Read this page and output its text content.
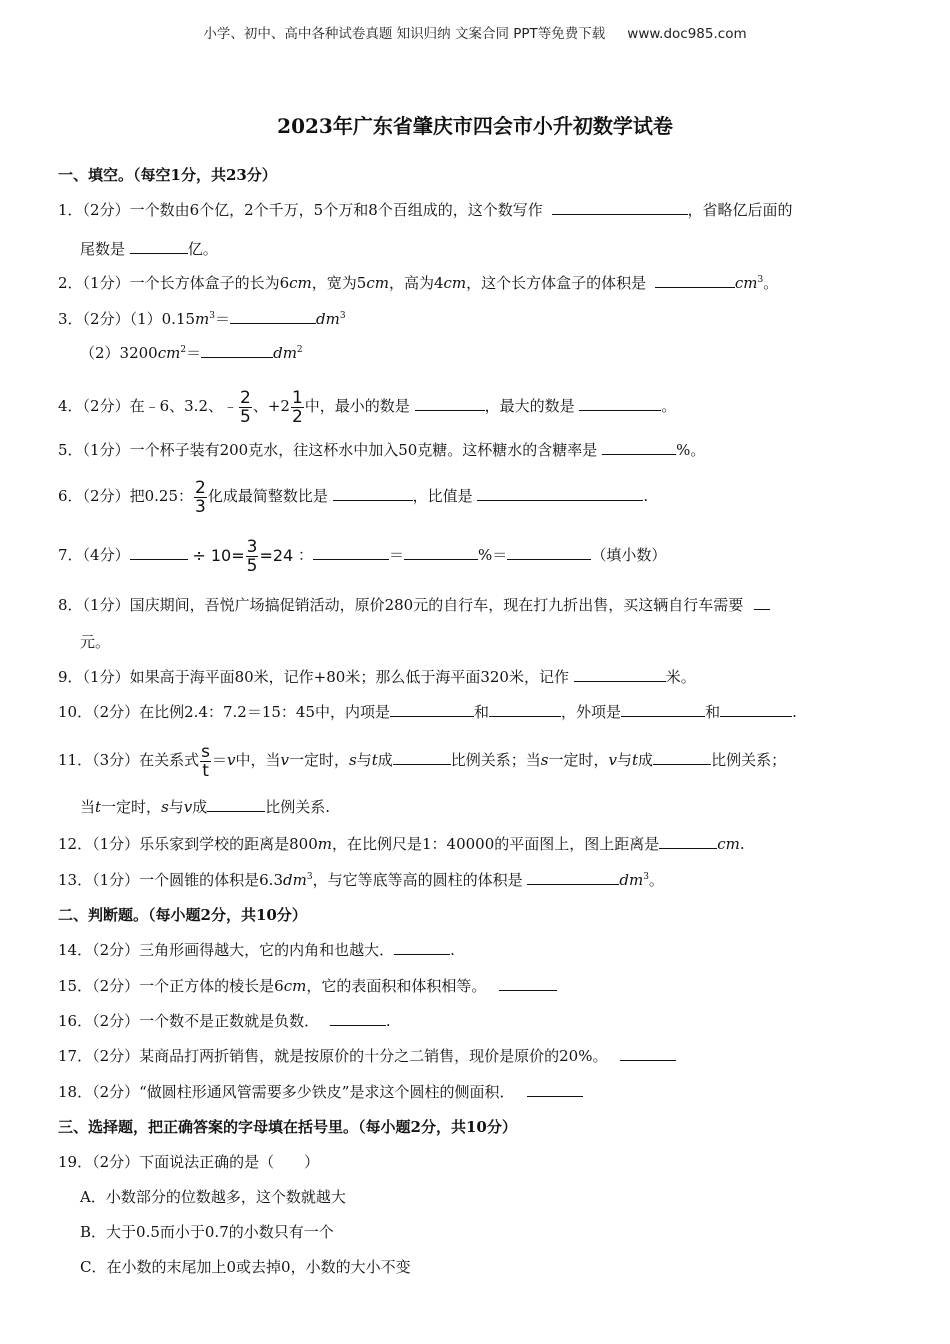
小学、初中、高中各种试卷真题 知识归纳 文案合同 PPT等免费下载 www.doc985.com
2023年广东省肇庆市四会市小升初数学试卷
一、填空。（每空1分，共23分）
1．（2分）一个数由6个亿，2个千万，5个万和8个百组成的，这个数写作	，省略亿后面的
尾数是	亿。
2．（1分）一个长方体盒子的长为6cm，宽为5cm，高为4cm，这个长方体盒子的体积是	$cm^3$。
3．（2分）$(1)0.15m^3=$	$dm^3$
$(2)3200cm^2=$	$dm^2$
4．（2分）在﹣6、3.2、﹣ $\frac{2}{5}$ 、$+2 \frac{1}{2}$ 中，最小的数是	，最大的数是	。
5．（1分）一个杯子装有200克水，往这杯水中加入50克糖。这杯糖水的含糖率是	%。
6．（2分）把0.25： $\frac{2}{3}$ 化成最简整数比是	，比值是	.
7．（4分）	÷ $10= \frac{3}{5} =24$ ：	＝	%＝	（填小数）
8．（1分）国庆期间，吾悦广场搞促销活动，原价280元的自行车，现在打九折出售，买这辆自行车需要
元。
9．（1分）如果高于海平面80米，记作+80米；那么低于海平面320米，记作	米。
10．（2分）在比例2.4：7.2＝15：45中，内项是	和	，外项是	和	.
11．（3分）在关系式 $\frac{s}{t} =v$中，当v一定时，s与t成	比例关系；当s一定时，v与t成	比例关系；
当t一定时，s与v成	比例关系.
12．（1分）乐乐家到学校的距离是800m，在比例尺是1：40000的平面图上，图上距离是	cm.
13．（1分）一个圆锥的体积是$6.3dm^3$，与它等底等高的圆柱的体积是	$dm^3$。
二、判断题。（每小题2分，共10分）
14．（2分）三角形画得越大，它的内角和也越大．	.
15．（2分）一个正方体的棱长是6cm，它的表面积和体积相等。
16．（2分）一个数不是正数就是负数．	.
17．（2分）某商品打两折销售，就是按原价的十分之二销售，现价是原价的20%。
18．（2分）“做圆柱形通风管需要多少铁皮”是求这个圆柱的侧面积．
三、选择题，把正确答案的字母填在括号里。（每小题2分，共10分）
19．（2分）下面说法正确的是（　　）
A．小数部分的位数越多，这个数就越大
B．大于0.5而小于0.7的小数只有一个
C．在小数的末尾加上0或去掉0，小数的大小不变
